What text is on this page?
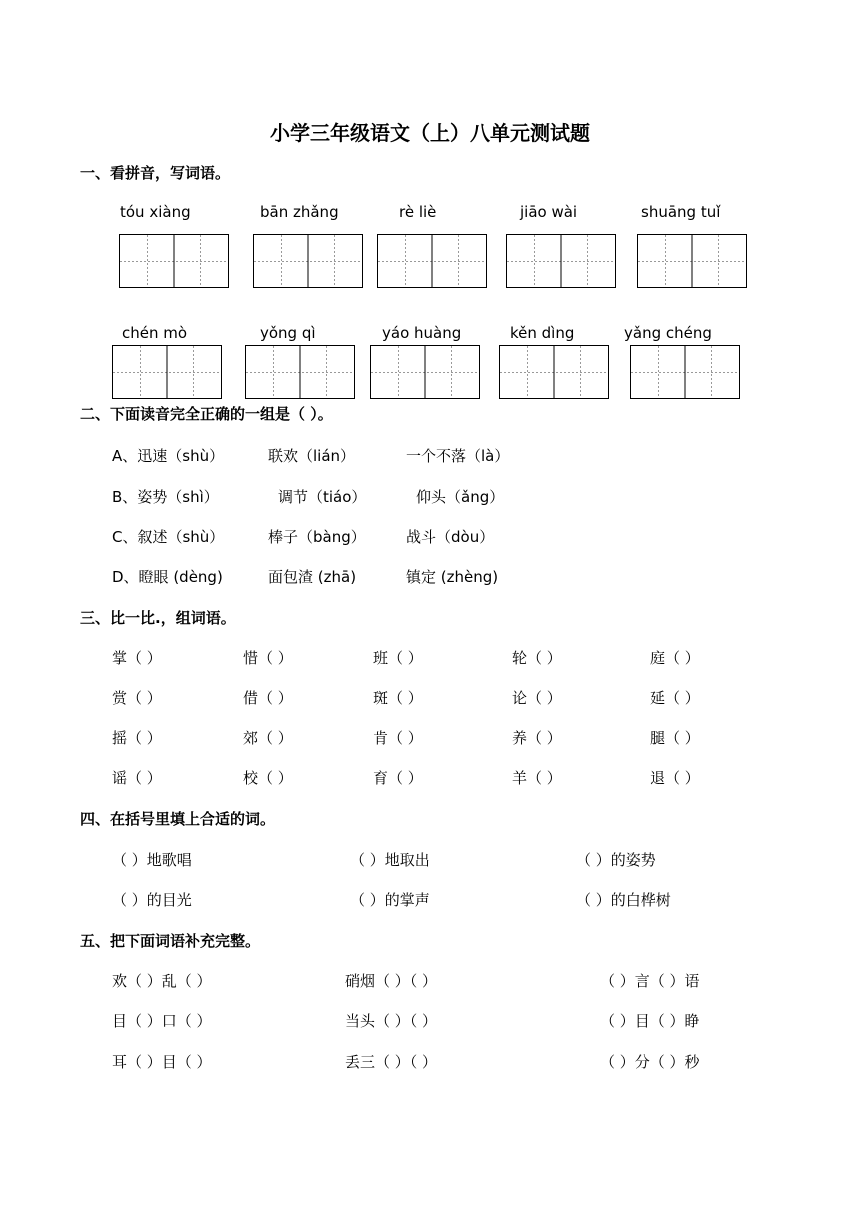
小学三年级语文（上）八单元测试题
一、看拼音，写词语。
tóu xiàng	bān zhǎng	rè liè	jiāo wài	shuāng tuǐ
chén mò	yǒng qì	yáo huàng	kěn dìng	yǎng chéng
二、下面读音完全正确的一组是（ ）。
A、迅速（shù）	联欢（lián）	一个不落（là）
B、姿势（shì）	调节（tiáo）	仰头（ǎng）
C、叙述（shù）	棒子（bàng）	战斗（dòu）
D、瞪眼 (dèng)	面包渣 (zhā)	镇定 (zhèng)
三、比一比.，组词语。
掌（ ）	惜（ ）	班（ ）	轮（ ）	庭（ ）
赏（ ）	借（ ）	斑（ ）	论（ ）	延（ ）
摇（ ）	郊（ ）	肯（ ）	养（ ）	腿（ ）
谣（ ）	校（ ）	育（ ）	羊（ ）	退（ ）
四、在括号里填上合适的词。
（ ）地歌唱	（ ）地取出	（ ）的姿势
（ ）的目光	（ ）的掌声	（ ）的白桦树
五、把下面词语补充完整。
欢（ ）乱（ ）	硝烟（ ）（ ）	（ ）言（ ）语
目（ ）口（ ）	当头（ ）（ ）	（ ）目（ ）睁
耳（ ）目（ ）	丢三（ ）（ ）	（ ）分（ ）秒
